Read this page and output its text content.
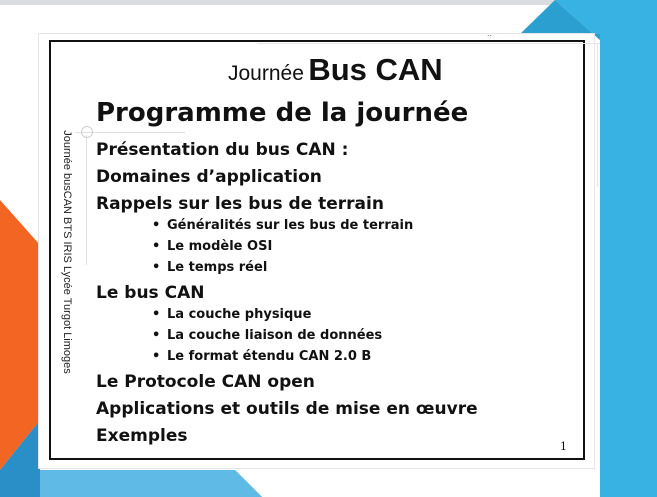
..
Journée Bus CAN
Programme de la journée
Présentation du bus CAN :
Domaines d’application
Rappels sur les bus de terrain
• Généralités sur les bus de terrain
• Le modèle OSI
• Le temps réel
Le bus CAN
• La couche physique
• La couche liaison de données
• Le format étendu CAN 2.0 B
Le Protocole CAN open
Applications et outils de mise en œuvre
Exemples
Journée busCAN BTS IRIS Lycée Turgot Limoges
1
